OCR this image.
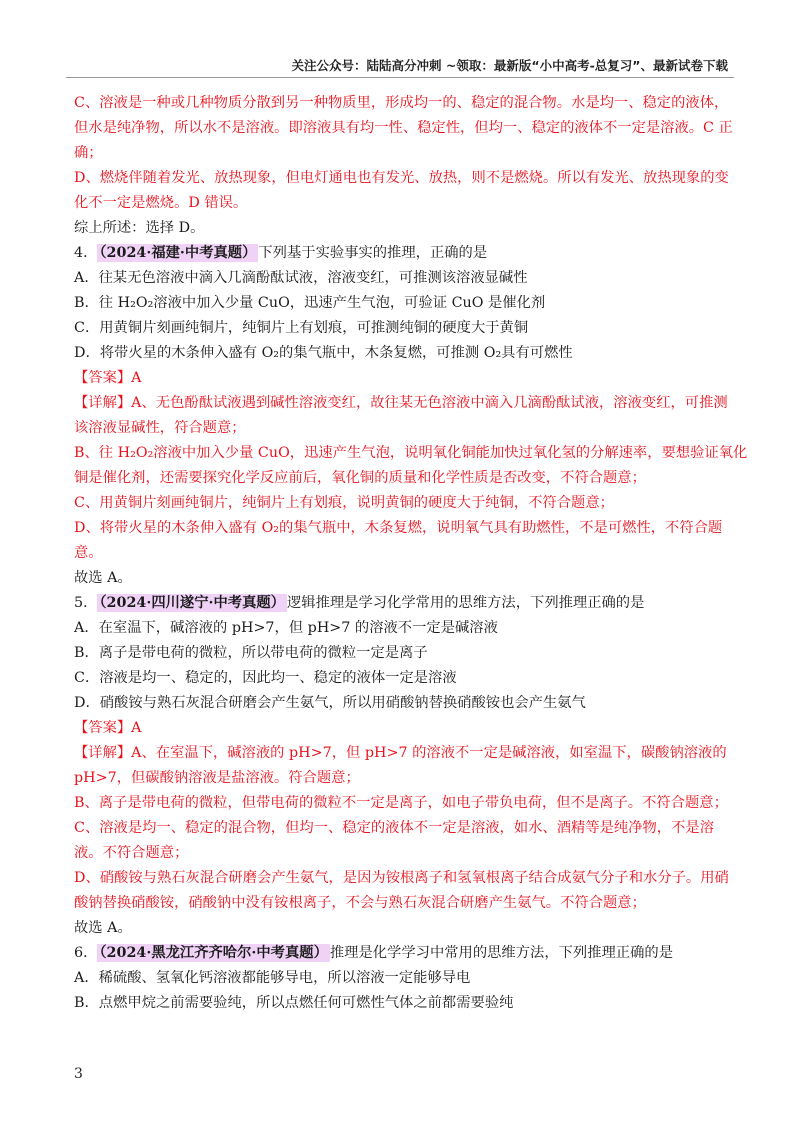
关注公众号：陆陆高分冲刺 ~领取：最新版“小中高考-总复习”、最新试卷下载
C、溶液是一种或几种物质分散到另一种物质里，形成均一的、稳定的混合物。水是均一、稳定的液体，
但水是纯净物，所以水不是溶液。即溶液具有均一性、稳定性，但均一、稳定的液体不一定是溶液。C 正
确；
D、燃烧伴随着发光、放热现象，但电灯通电也有发光、放热，则不是燃烧。所以有发光、放热现象的变
化不一定是燃烧。D 错误。
综上所述：选择 D。
4． （2024·福建·中考真题） 下列基于实验事实的推理，正确的是
A．往某无色溶液中滴入几滴酚酞试液，溶液变红，可推测该溶液显碱性
B．往 H₂O₂溶液中加入少量 CuO，迅速产生气泡，可验证 CuO 是催化剂
C．用黄铜片刻画纯铜片，纯铜片上有划痕，可推测纯铜的硬度大于黄铜
D．将带火星的木条伸入盛有 O₂的集气瓶中，木条复燃，可推测 O₂具有可燃性
【答案】A
【详解】A、无色酚酞试液遇到碱性溶液变红，故往某无色溶液中滴入几滴酚酞试液，溶液变红，可推测
该溶液显碱性，符合题意；
B、往 H₂O₂溶液中加入少量 CuO，迅速产生气泡，说明氧化铜能加快过氧化氢的分解速率，要想验证氧化
铜是催化剂，还需要探究化学反应前后，氧化铜的质量和化学性质是否改变，不符合题意；
C、用黄铜片刻画纯铜片，纯铜片上有划痕，说明黄铜的硬度大于纯铜，不符合题意；
D、将带火星的木条伸入盛有 O₂的集气瓶中，木条复燃，说明氧气具有助燃性，不是可燃性，不符合题
意。
故选 A。
5． （2024·四川遂宁·中考真题） 逻辑推理是学习化学常用的思维方法，下列推理正确的是
A．在室温下，碱溶液的 pH>7，但 pH>7 的溶液不一定是碱溶液
B．离子是带电荷的微粒，所以带电荷的微粒一定是离子
C．溶液是均一、稳定的，因此均一、稳定的液体一定是溶液
D．硝酸铵与熟石灰混合研磨会产生氨气，所以用硝酸钠替换硝酸铵也会产生氨气
【答案】A
【详解】A、在室温下，碱溶液的 pH>7，但 pH>7 的溶液不一定是碱溶液，如室温下，碳酸钠溶液的
pH>7，但碳酸钠溶液是盐溶液。符合题意；
B、离子是带电荷的微粒，但带电荷的微粒不一定是离子，如电子带负电荷，但不是离子。不符合题意；
C、溶液是均一、稳定的混合物，但均一、稳定的液体不一定是溶液，如水、酒精等是纯净物，不是溶
液。不符合题意；
D、硝酸铵与熟石灰混合研磨会产生氨气，是因为铵根离子和氢氧根离子结合成氨气分子和水分子。用硝
酸钠替换硝酸铵，硝酸钠中没有铵根离子，不会与熟石灰混合研磨产生氨气。不符合题意；
故选 A。
6． （2024·黑龙江齐齐哈尔·中考真题） 推理是化学学习中常用的思维方法，下列推理正确的是
A．稀硫酸、氢氧化钙溶液都能够导电，所以溶液一定能够导电
B．点燃甲烷之前需要验纯，所以点燃任何可燃性气体之前都需要验纯
3
